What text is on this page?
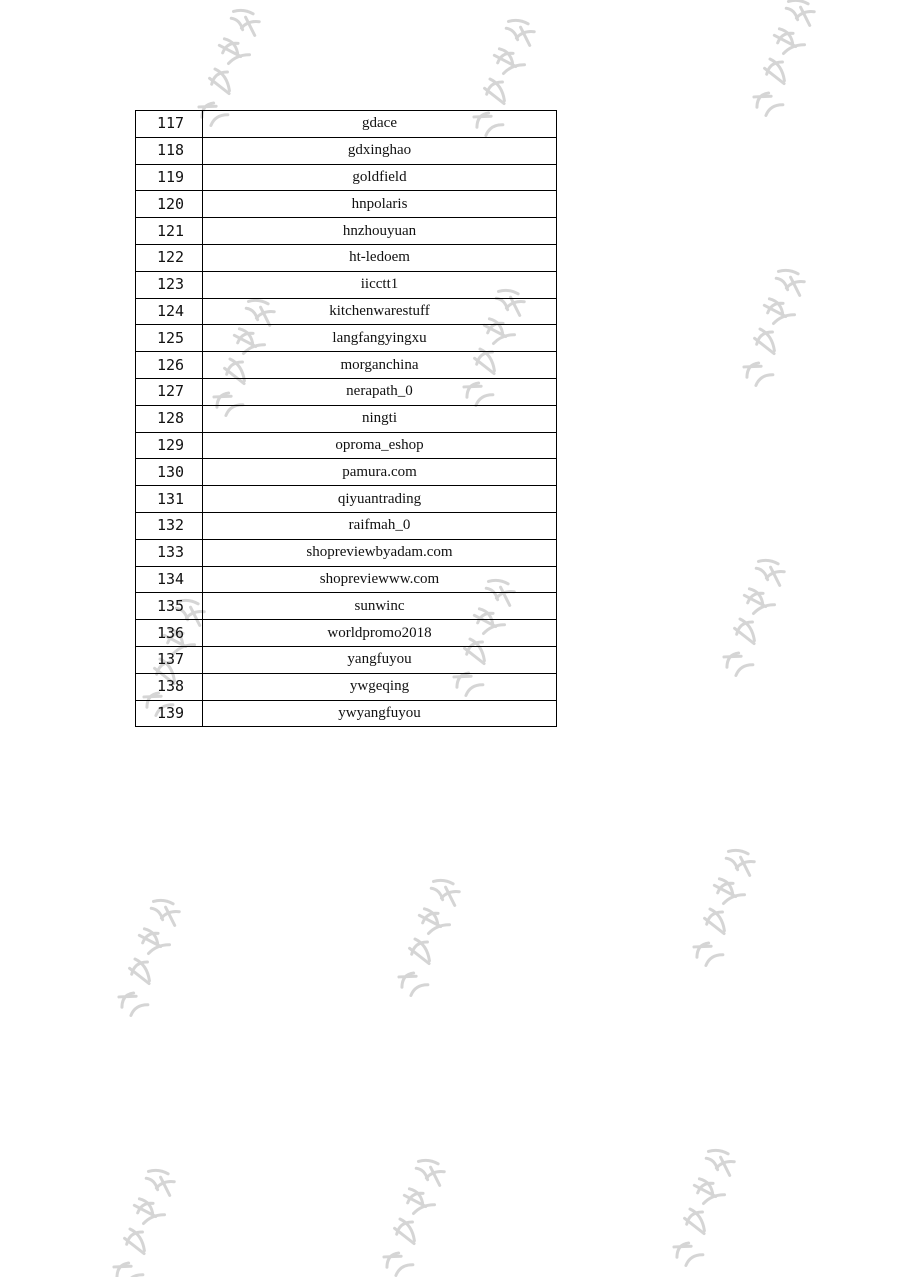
117	gdace
118	gdxinghao
119	goldfield
120	hnpolaris
121	hnzhouyuan
122	ht-ledoem
123	iicctt1
124	kitchenwarestuff
125	langfangyingxu
126	morganchina
127	nerapath_0
128	ningti
129	oproma_eshop
130	pamura.com
131	qiyuantrading
132	raifmah_0
133	shopreviewbyadam.com
134	shopreviewww.com
135	sunwinc
136	worldpromo2018
137	yangfuyou
138	ywgeqing
139	ywyangfuyou
